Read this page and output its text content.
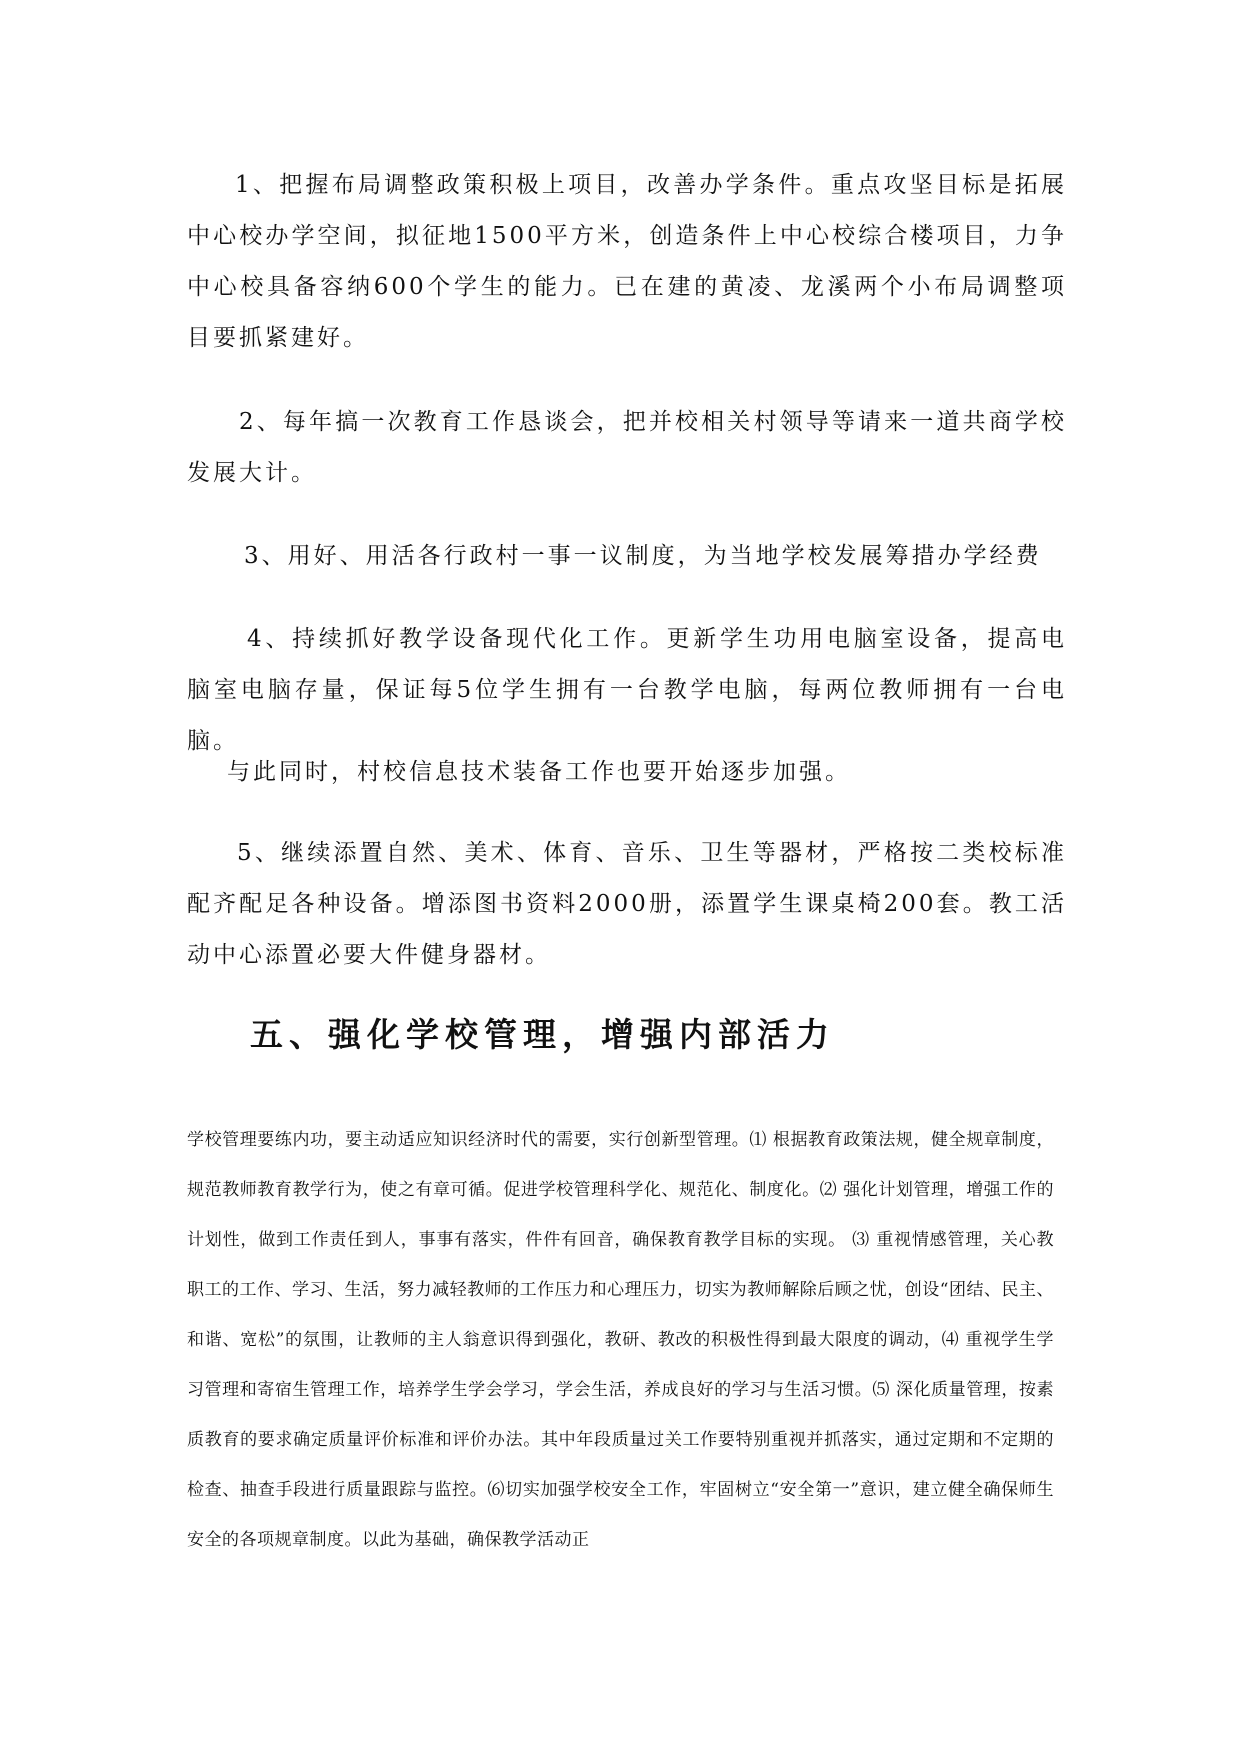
1、把握布局调整政策积极上项目，改善办学条件。重点攻坚目标是拓展中心校办学空间，拟征地1500平方米，创造条件上中心校综合楼项目，力争中心校具备容纳600个学生的能力。已在建的黄凌、龙溪两个小布局调整项目要抓紧建好。

2、每年搞一次教育工作恳谈会，把并校相关村领导等请来一道共商学校发展大计。

3、用好、用活各行政村一事一议制度，为当地学校发展筹措办学经费

4、持续抓好教学设备现代化工作。更新学生功用电脑室设备，提高电脑室电脑存量，保证每5位学生拥有一台教学电脑，每两位教师拥有一台电脑。

与此同时，村校信息技术装备工作也要开始逐步加强。

5、继续添置自然、美术、体育、音乐、卫生等器材，严格按二类校标准配齐配足各种设备。增添图书资料2000册，添置学生课桌椅200套。教工活动中心添置必要大件健身器材。

五、强化学校管理，增强内部活力

学校管理要练内功，要主动适应知识经济时代的需要，实行创新型管理。⑴ 根据教育政策法规，健全规章制度，规范教师教育教学行为，使之有章可循。促进学校管理科学化、规范化、制度化。⑵ 强化计划管理，增强工作的计划性，做到工作责任到人，事事有落实，件件有回音，确保教育教学目标的实现。 ⑶ 重视情感管理，关心教职工的工作、学习、生活，努力减轻教师的工作压力和心理压力，切实为教师解除后顾之忧，创设“团结、民主、和谐、宽松”的氛围，让教师的主人翁意识得到强化，教研、教改的积极性得到最大限度的调动，⑷ 重视学生学习管理和寄宿生管理工作，培养学生学会学习，学会生活，养成良好的学习与生活习惯。⑸ 深化质量管理，按素质教育的要求确定质量评价标准和评价办法。其中年段质量过关工作要特别重视并抓落实，通过定期和不定期的检查、抽查手段进行质量跟踪与监控。⑹切实加强学校安全工作，牢固树立“安全第一”意识，建立健全确保师生安全的各项规章制度。以此为基础，确保教学活动正
